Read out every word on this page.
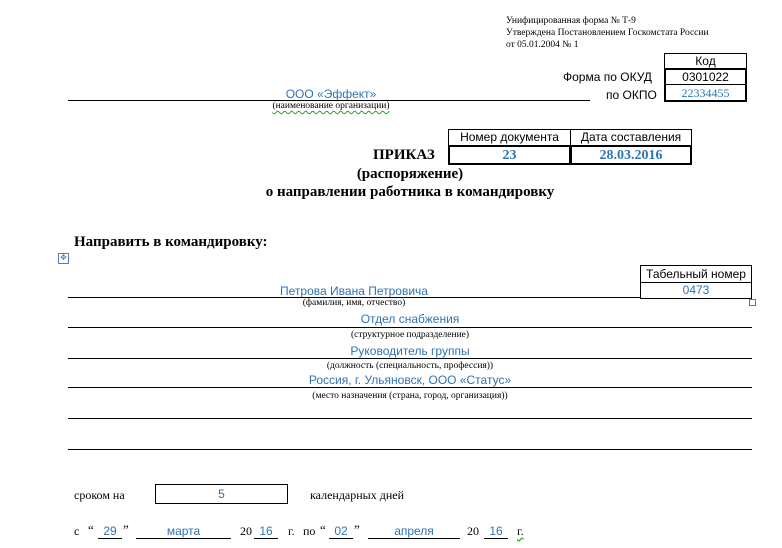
Унифицированная форма № Т-9
Утверждена Постановлением Госкомстата России
от 05.01.2004 № 1
Код
Форма по ОКУД	0301022
по ОКПО	22334455
ООО «Эффект»
(наименование организации)
Номер документа	Дата составления
23	28.03.2016
ПРИКАЗ
(распоряжение)
о направлении работника в командировку
Направить в командировку:
✥
Табельный номер
0473
Петрова Ивана Петровича
(фамилия, имя, отчество)
Отдел снабжения
(структурное подразделение)
Руководитель группы
(должность (специальность, профессия))
Россия, г. Ульяновск, ООО «Статус»
(место назначения (страна, город, организация))
сроком на	5	календарных дней
с “ 29 ”	марта	20 16	г. по “ 02 ”	апреля	20 16	г.
